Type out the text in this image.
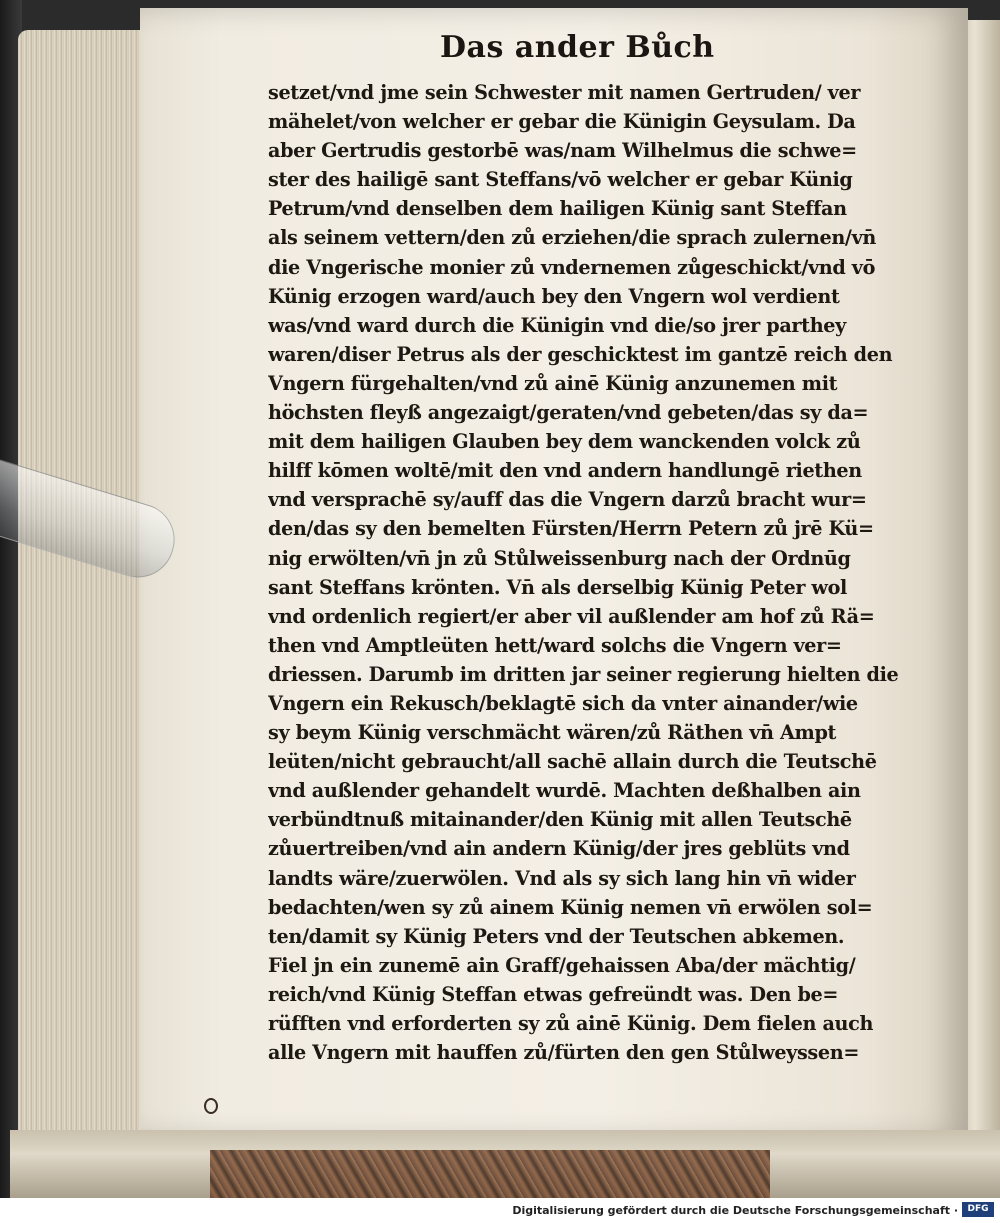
Das ander Bůch
setzet/vnd jme sein Schwester mit namen Gertruden/ ver
mähelet/von welcher er gebar die Künigin Geysulam. Da
aber Gertrudis gestorbē was/nam Wilhelmus die schwe=
ster des hailigē sant Steffans/vō welcher er gebar Künig
Petrum/vnd denselben dem hailigen Künig sant Steffan
als seinem vettern/den zů erziehen/die sprach zulernen/vn̄
die Vngerische monier zů vndernemen zůgeschickt/vnd vō
Künig erzogen ward/auch bey den Vngern wol verdient
was/vnd ward durch die Künigin vnd die/so jrer parthey
waren/diser Petrus als der geschicktest im gantzē reich den
Vngern fürgehalten/vnd zů ainē Künig anzunemen mit
höchsten fleyß angezaigt/geraten/vnd gebeten/das sy da=
mit dem hailigen Glauben bey dem wanckenden volck zů
hilff kōmen woltē/mit den vnd andern handlungē riethen
vnd versprachē sy/auff das die Vngern darzů bracht wur=
den/das sy den bemelten Fürsten/Herrn Petern zů jrē Kü=
nig erwölten/vn̄ jn zů Stůlweissenburg nach der Ordnūg
sant Steffans krönten. Vn̄ als derselbig Künig Peter wol
vnd ordenlich regiert/er aber vil außlender am hof zů Rä=
then vnd Amptleüten hett/ward solchs die Vngern ver=
driessen. Darumb im dritten jar seiner regierung hielten die
Vngern ein Rekusch/beklagtē sich da vnter ainander/wie
sy beym Künig verschmächt wären/zů Räthen vn̄ Ampt
leüten/nicht gebraucht/all sachē allain durch die Teutschē
vnd außlender gehandelt wurdē. Machten deßhalben ain
verbündtnuß mitainander/den Künig mit allen Teutschē
zůuertreiben/vnd ain andern Künig/der jres geblüts vnd
landts wäre/zuerwölen. Vnd als sy sich lang hin vn̄ wider
bedachten/wen sy zů ainem Künig nemen vn̄ erwölen sol=
ten/damit sy Künig Peters vnd der Teutschen abkemen.
Fiel jn ein zunemē ain Graff/gehaissen Aba/der mächtig/
reich/vnd Künig Steffan etwas gefreündt was. Den be=
rüfften vnd erforderten sy zů ainē Künig. Dem fielen auch
alle Vngern mit hauffen zů/fürten den gen Stůlweyssen=
Digitalisierung gefördert durch die Deutsche Forschungsgemeinschaft ·	DFG
